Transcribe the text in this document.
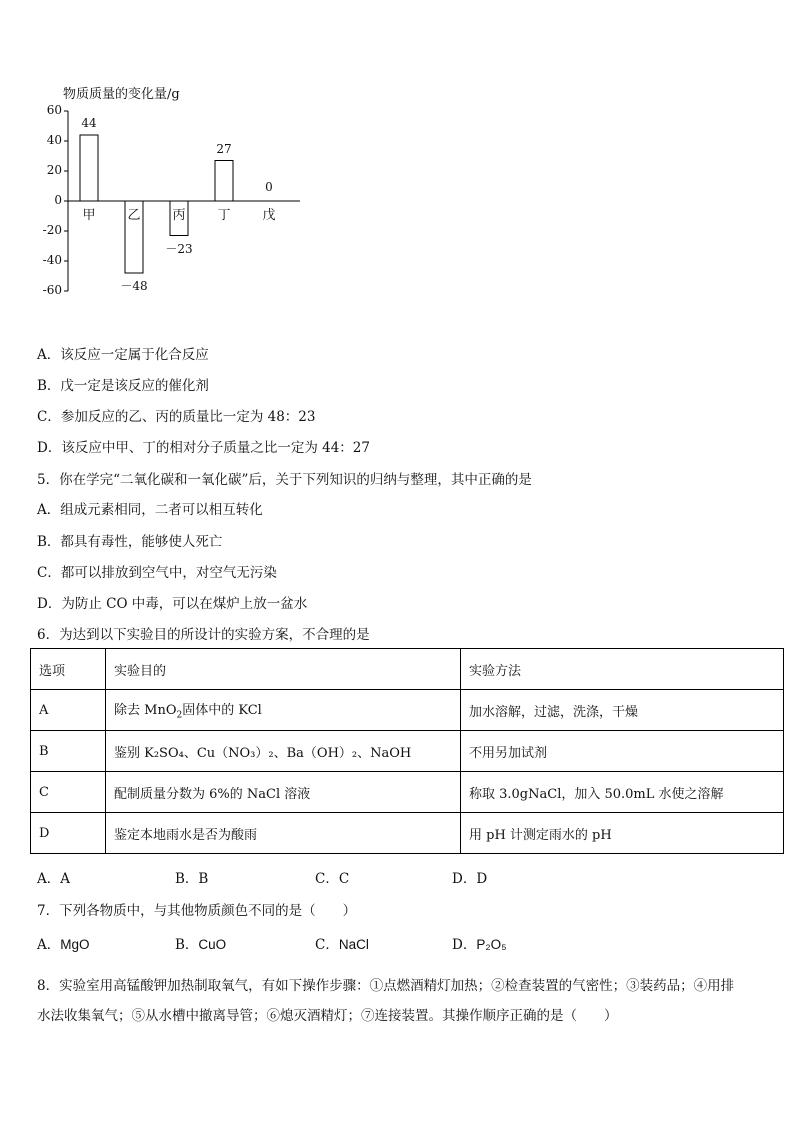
物质质量的变化量/g
60
40
20
0
-20
-40
-60
甲
44
乙
－48
丙
－23
丁
27
戊
0
A．该反应一定属于化合反应
B．戊一定是该反应的催化剂
C．参加反应的乙、丙的质量比一定为 48：23
D．该反应中甲、丁的相对分子质量之比一定为 44：27
5．你在学完“二氧化碳和一氧化碳”后，关于下列知识的归纳与整理，其中正确的是
A．组成元素相同，二者可以相互转化
B．都具有毒性，能够使人死亡
C．都可以排放到空气中，对空气无污染
D．为防止 CO 中毒，可以在煤炉上放一盆水
6．为达到以下实验目的所设计的实验方案，不合理的是
选项	实验目的	实验方法
A	除去 MnO$_2$固体中的 KCl	加水溶解，过滤，洗涤，干燥
B	鉴别 K₂SO₄、Cu（NO₃）₂、Ba（OH）₂、NaOH	不用另加试剂
C	配制质量分数为 6%的 NaCl 溶液	称取 3.0gNaCl，加入 50.0mL 水使之溶解
D	鉴定本地雨水是否为酸雨	用 pH 计测定雨水的 pH
A．A	B．B	C．C	D．D
7．下列各物质中，与其他物质颜色不同的是（　　）
A．MgO	B．CuO	C．NaCl	D．P₂O₅
8．实验室用高锰酸钾加热制取氧气，有如下操作步骤：①点燃酒精灯加热；②检查装置的气密性；③装药品；④用排
水法收集氧气；⑤从水槽中撤离导管；⑥熄灭酒精灯；⑦连接装置。其操作顺序正确的是（　　）
